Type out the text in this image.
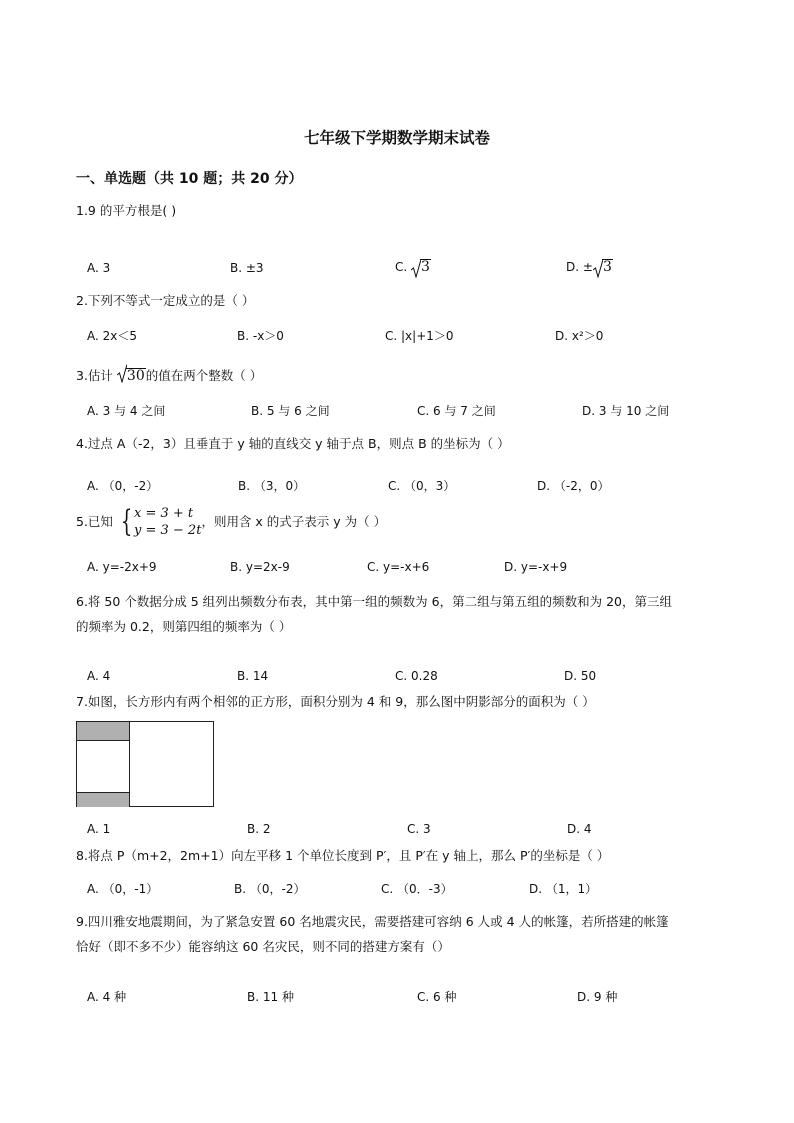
七年级下学期数学期末试卷
一、单选题（共 10 题；共 20 分）
1.9 的平方根是( )
A. 3	B. ±3	C.
3	D. ± 3
2.下列不等式一定成立的是（ ）
A. 2x＜5	B. -x＞0	C. |x|+1＞0	D. x²＞0
3.估计
30的值在两个整数（ ）
A. 3 与 4 之间	B. 5 与 6 之间	C. 6 与 7 之间	D. 3 与 10 之间
4.过点 A（-2，3）且垂直于 y 轴的直线交 y 轴于点 B，则点 B 的坐标为（ ）
A. （0，-2）	B. （3，0）	C. （0，3）	D. （-2，0）
5.已知 { x = 3 + t
y = 3 − 2t
，则用含 x 的式子表示 y 为（ ）
A. y=-2x+9	B. y=2x-9	C. y=-x+6	D. y=-x+9
6.将 50 个数据分成 5 组列出频数分布表，其中第一组的频数为 6，第二组与第五组的频数和为 20，第三组
的频率为 0.2，则第四组的频率为（ ）
A. 4	B. 14	C. 0.28	D. 50
7.如图，长方形内有两个相邻的正方形，面积分别为 4 和 9，那么图中阴影部分的面积为（ ）
A. 1	B. 2	C. 3	D. 4
8.将点 P（m+2，2m+1）向左平移 1 个单位长度到 P′，且 P′在 y 轴上，那么 P′的坐标是（ ）
A. （0，-1）	B. （0，-2）	C. （0．-3）	D. （1，1）
9.四川雅安地震期间，为了紧急安置 60 名地震灾民，需要搭建可容纳 6 人或 4 人的帐篷，若所搭建的帐篷
恰好（即不多不少）能容纳这 60 名灾民，则不同的搭建方案有（）
A. 4 种	B. 11 种	C. 6 种	D. 9 种
